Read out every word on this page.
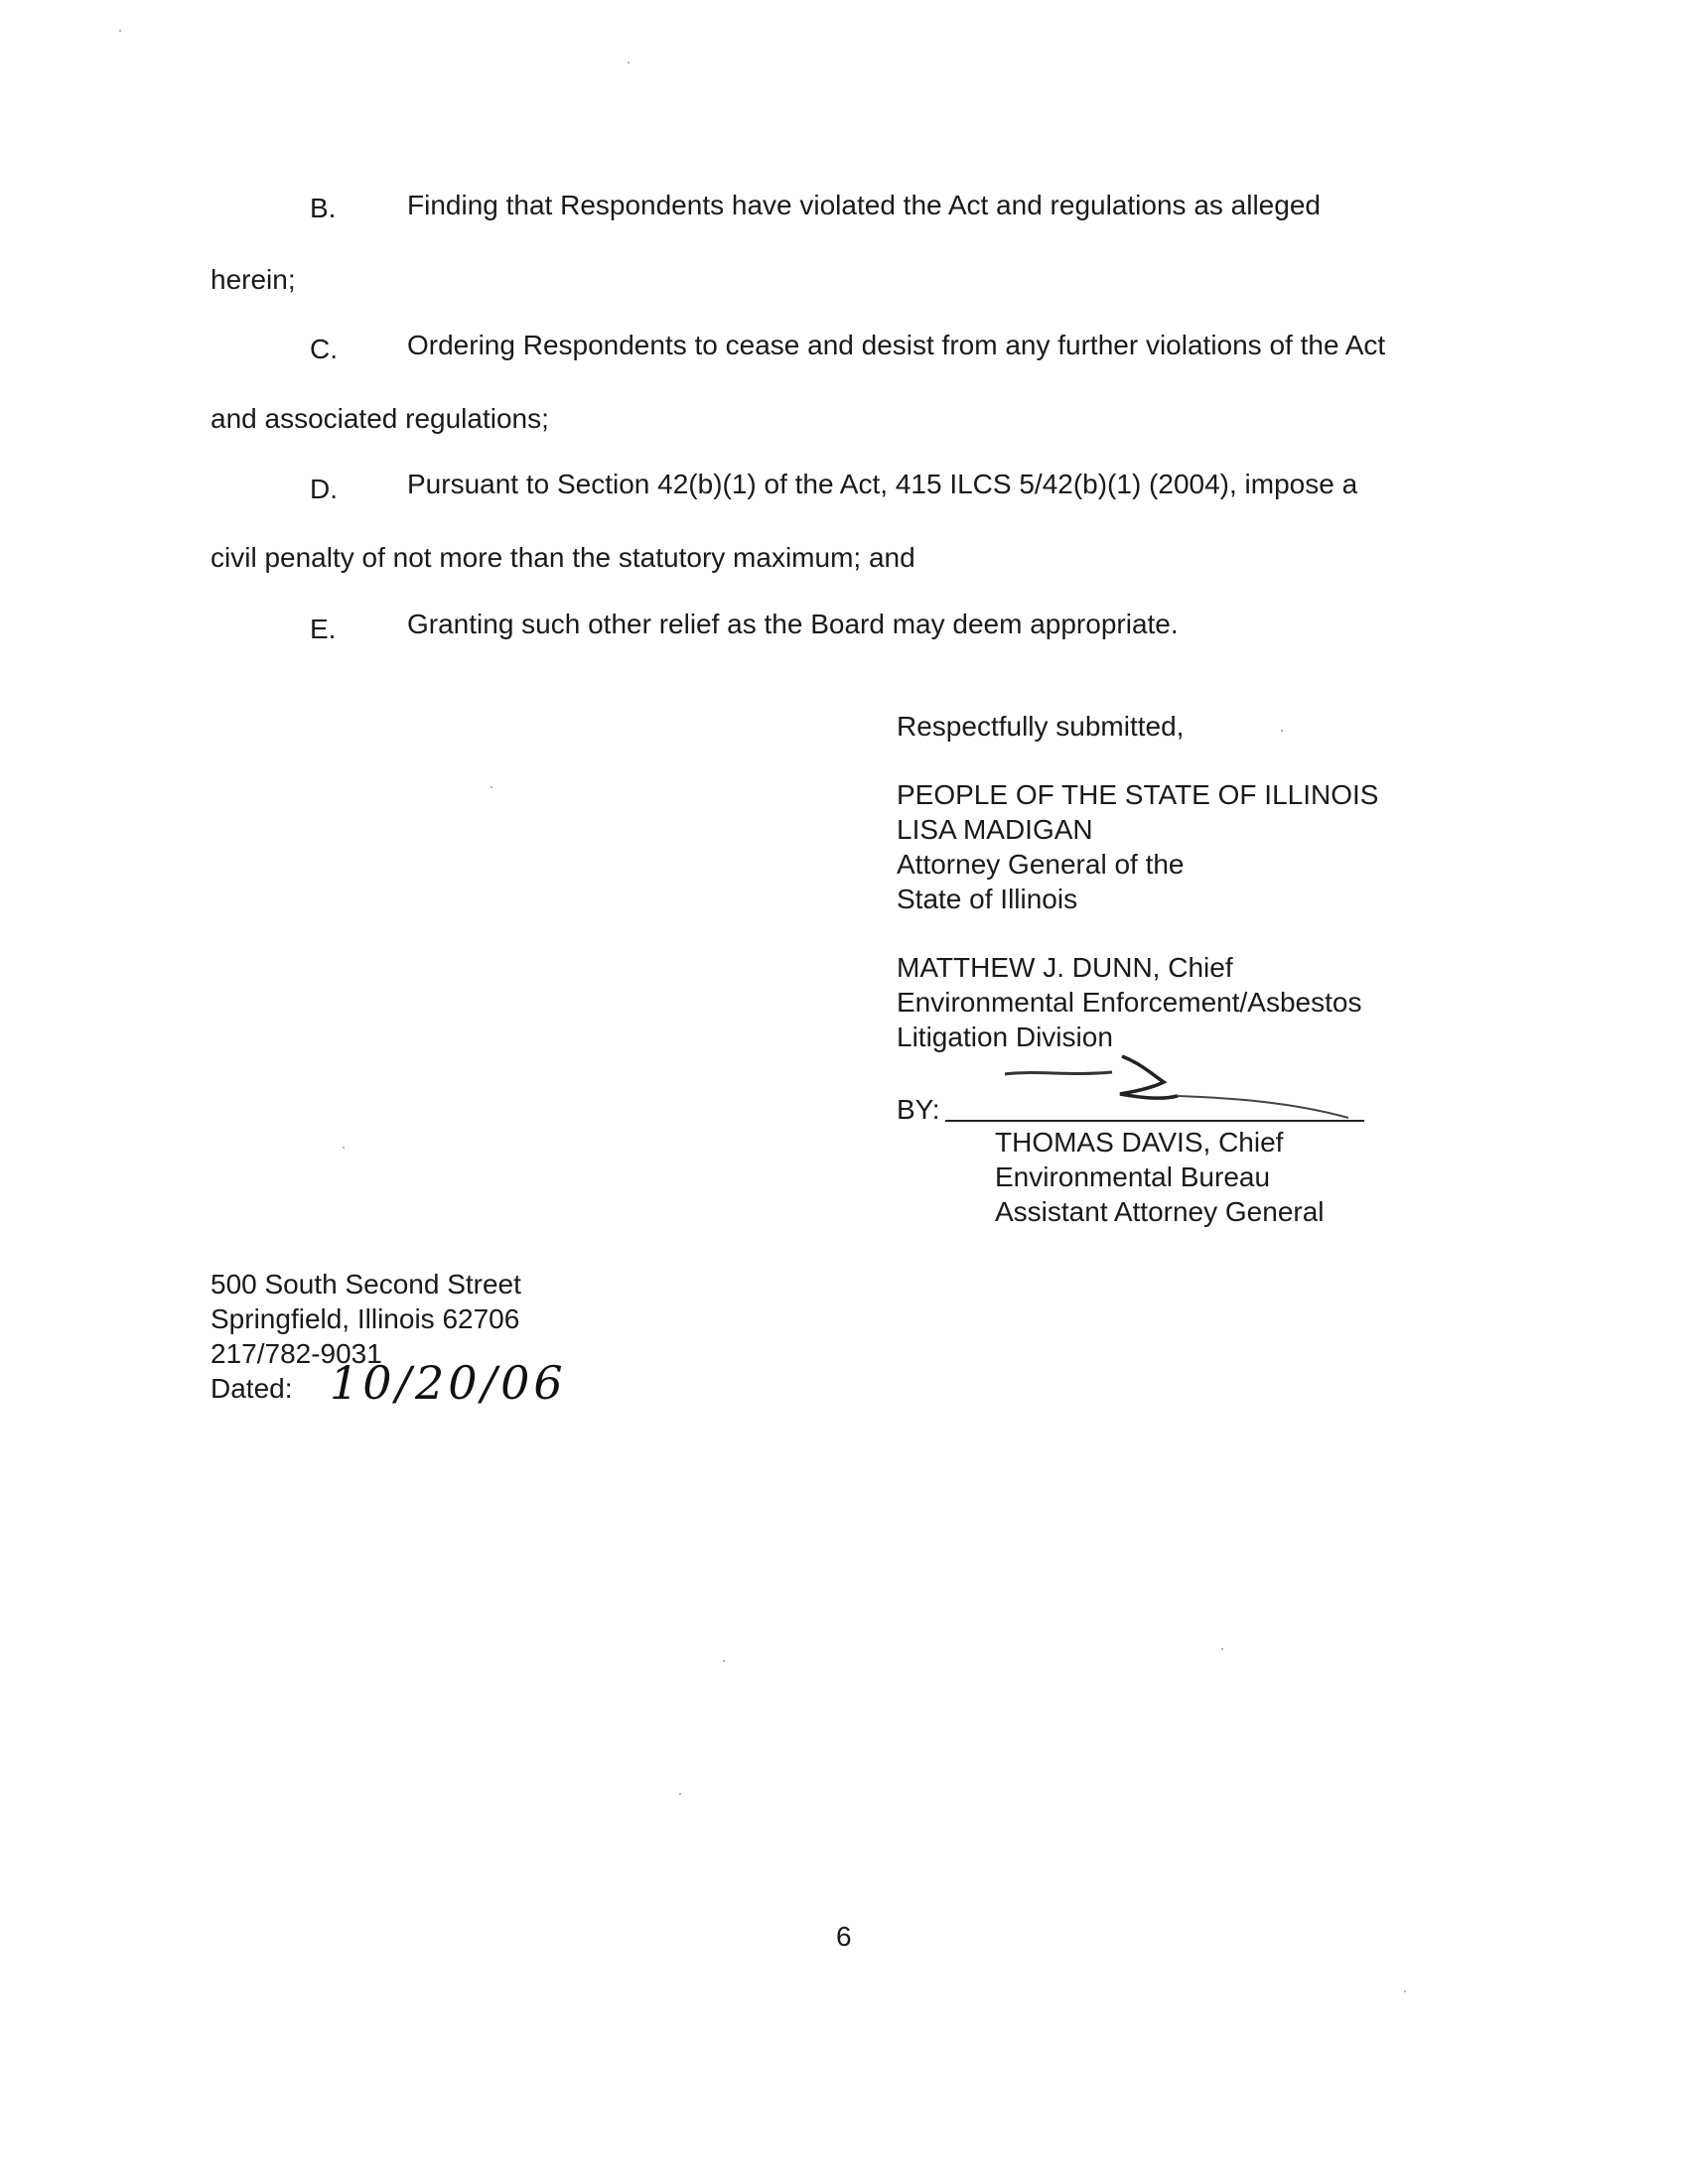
B.	Finding that Respondents have violated the Act and regulations as alleged
herein;
C.	Ordering Respondents to cease and desist from any further violations of the Act
and associated regulations;
D.	Pursuant to Section 42(b)(1) of the Act, 415 ILCS 5/42(b)(1) (2004), impose a
civil penalty of not more than the statutory maximum; and
E.	Granting such other relief as the Board may deem appropriate.
Respectfully submitted,
PEOPLE OF THE STATE OF ILLINOIS
LISA MADIGAN
Attorney General of the
State of Illinois
MATTHEW J. DUNN, Chief
Environmental Enforcement/Asbestos
Litigation Division
BY:
THOMAS DAVIS, Chief
Environmental Bureau
Assistant Attorney General
500 South Second Street
Springfield, Illinois 62706
217/782-9031
Dated: 10/20/06
6
